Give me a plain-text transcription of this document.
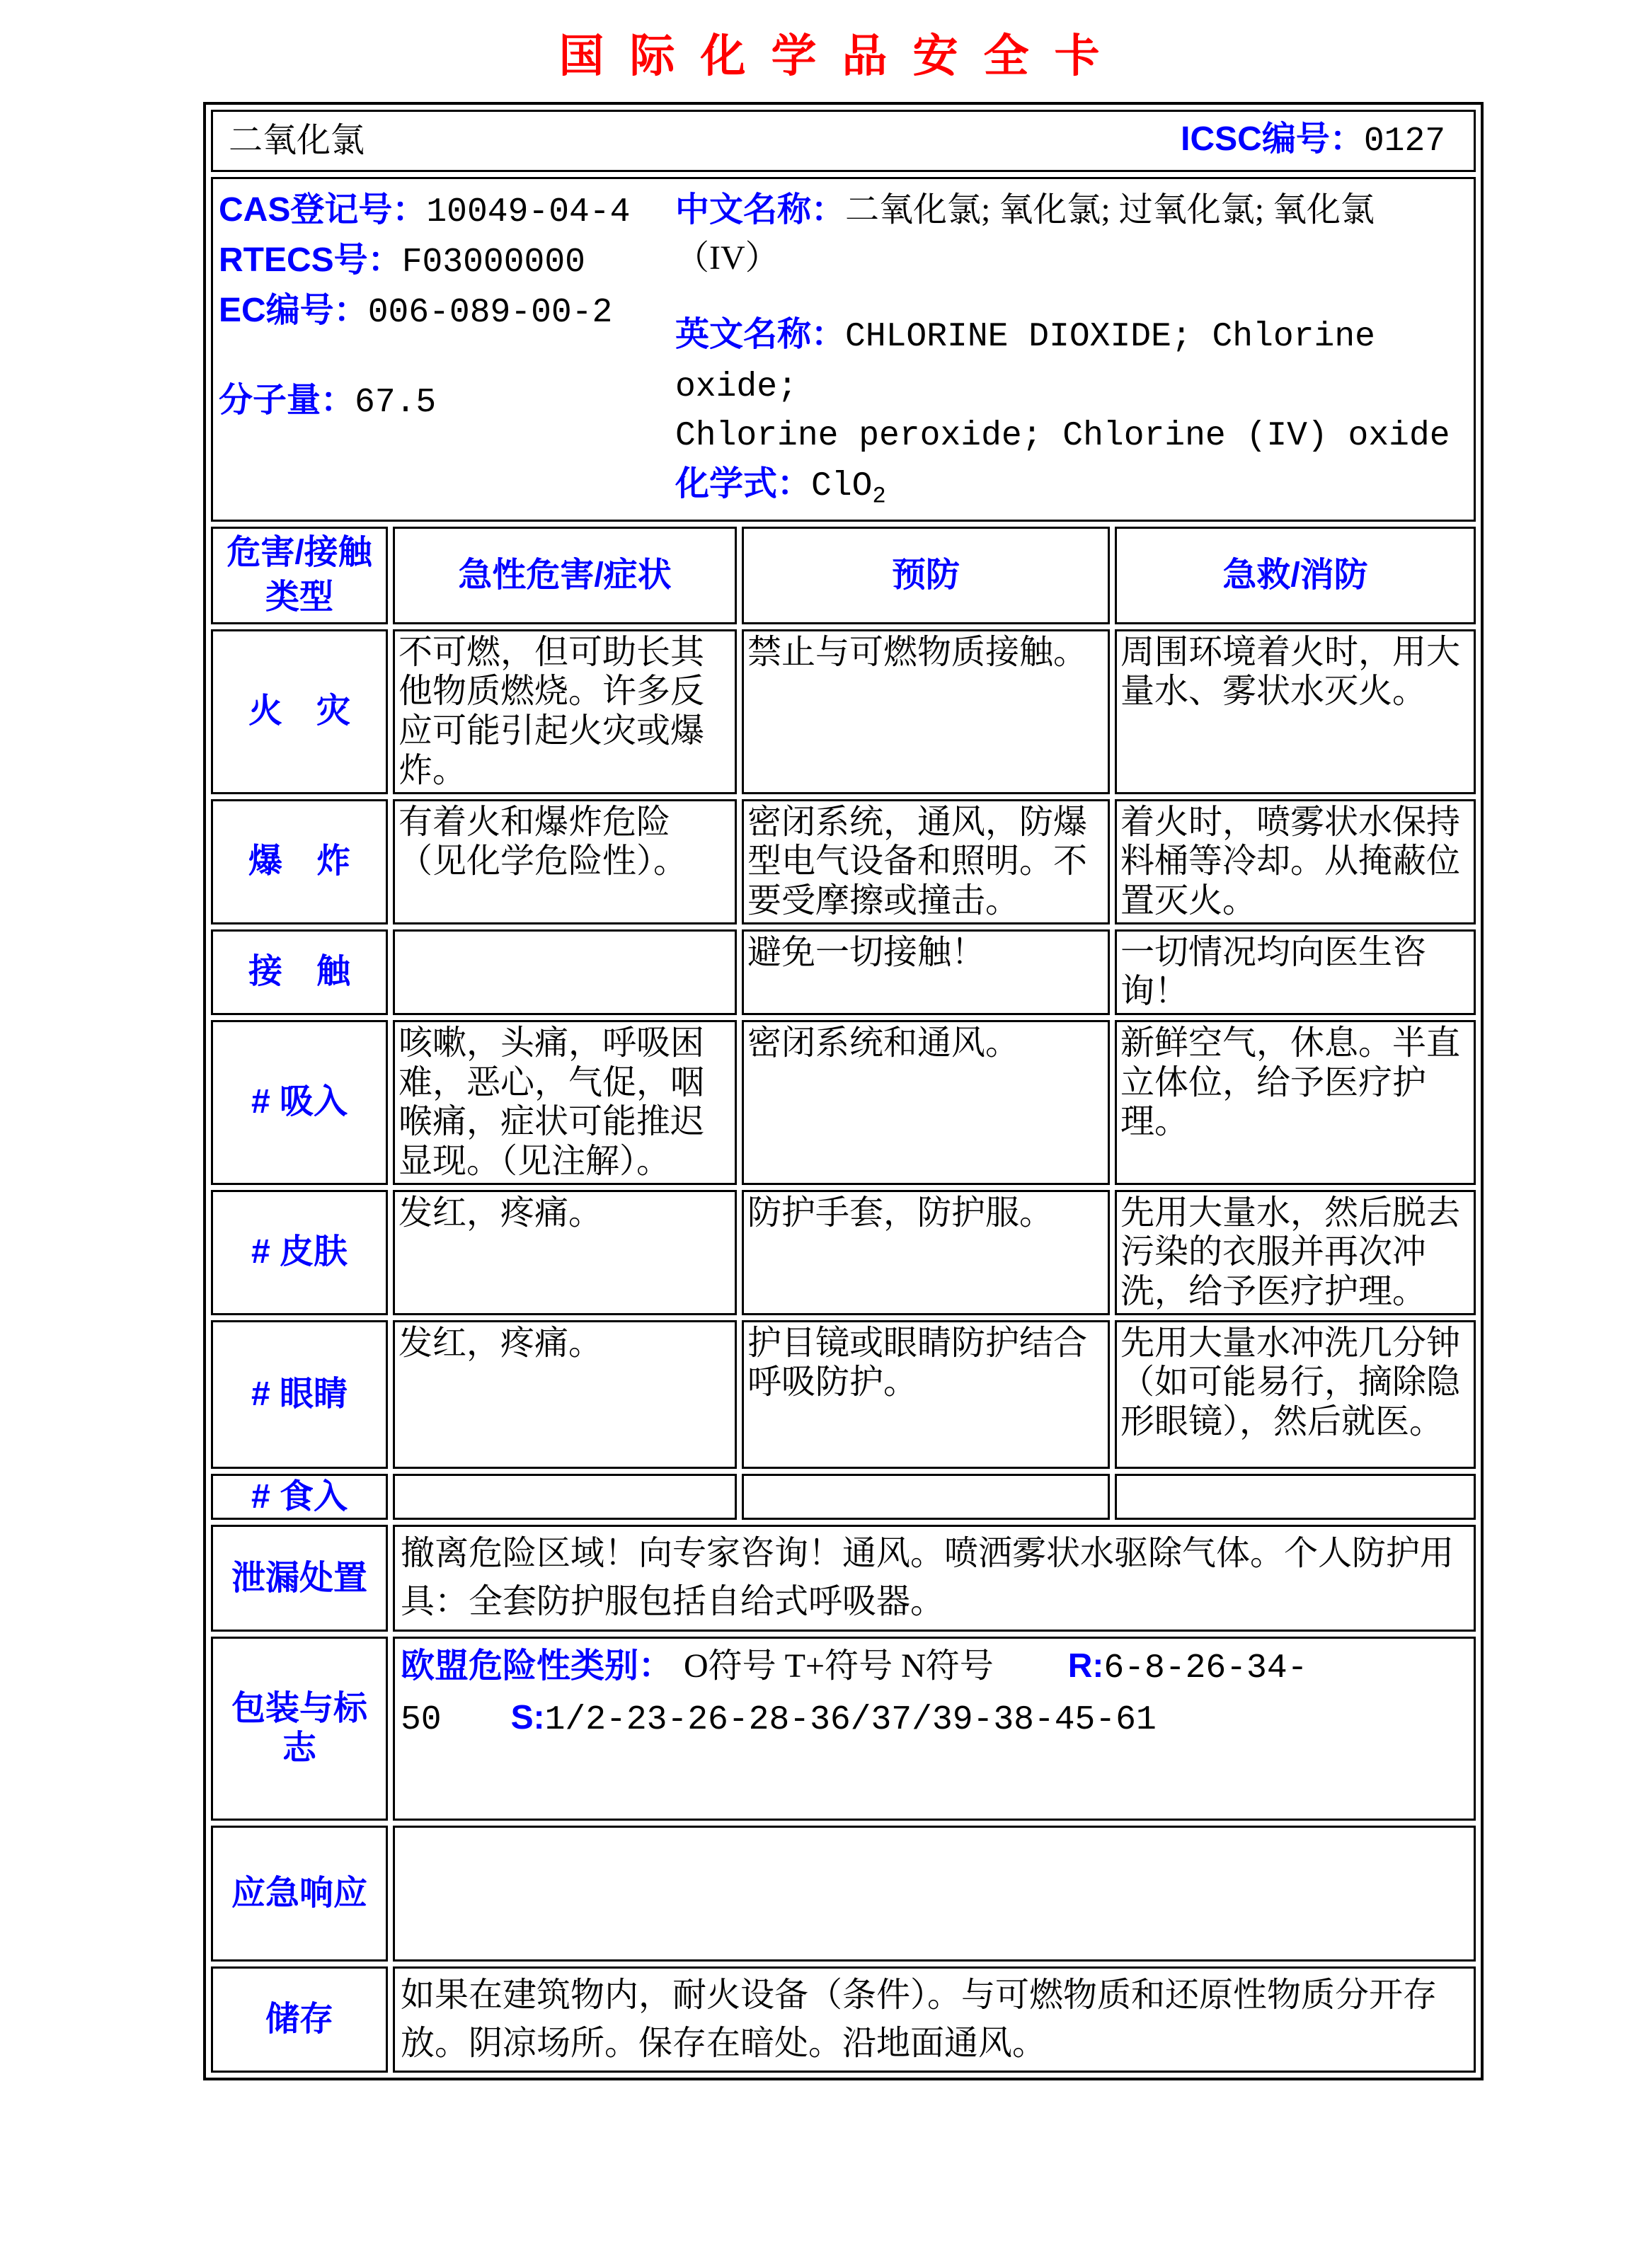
国际化学品安全卡
二氧化氯 ICSC编号：0127			

CAS登记号：10049-04-4
RTECS号：F03000000
EC编号：006-089-00-2
分子量：67.5
中文名称：二氧化氯; 氧化氯; 过氧化氯; 氧化氯
（IV）
英文名称：CHLORINE DIOXIDE; Chlorine oxide;
Chlorine peroxide; Chlorine (IV) oxide
化学式：ClO$_2$

危害/接触 类型	急性危害/症状	预防	急救/消防
火　灾	不可燃，但可助长其他物质燃烧。许多反应可能引起火灾或爆炸。	禁止与可燃物质接触。	周围环境着火时，用大量水、雾状水灭火。
爆　炸	有着火和爆炸危险（见化学危险性）。	密闭系统，通风，防爆型电气设备和照明。不要受摩擦或撞击。	着火时，喷雾状水保持料桶等冷却。从掩蔽位置灭火。
接　触		避免一切接触！	一切情况均向医生咨询！
# 吸入	咳嗽，头痛，呼吸困难，恶心，气促，咽喉痛，症状可能推迟显现。（见注解）。	密闭系统和通风。	新鲜空气，休息。半直立体位，给予医疗护理。
# 皮肤	发红，疼痛。	防护手套，防护服。	先用大量水，然后脱去污染的衣服并再次冲洗，给予医疗护理。
# 眼睛	发红，疼痛。	护目镜或眼睛防护结合呼吸防护。	先用大量水冲洗几分钟（如可能易行，摘除隐形眼镜），然后就医。
# 食入			
泄漏处置	撤离危险区域！向专家咨询！通风。喷洒雾状水驱除气体。个人防护用具：全套防护服包括自给式呼吸器。		
包装与标志	欧盟危险性类别： O符号 T+符号 N符号 R:6-8-26-34-50 S:1/2-23-26-28-36/37/39-38-45-61		

应急响应			
储存	如果在建筑物内，耐火设备（条件）。与可燃物质和还原性物质分开存放。阴凉场所。保存在暗处。沿地面通风。		
